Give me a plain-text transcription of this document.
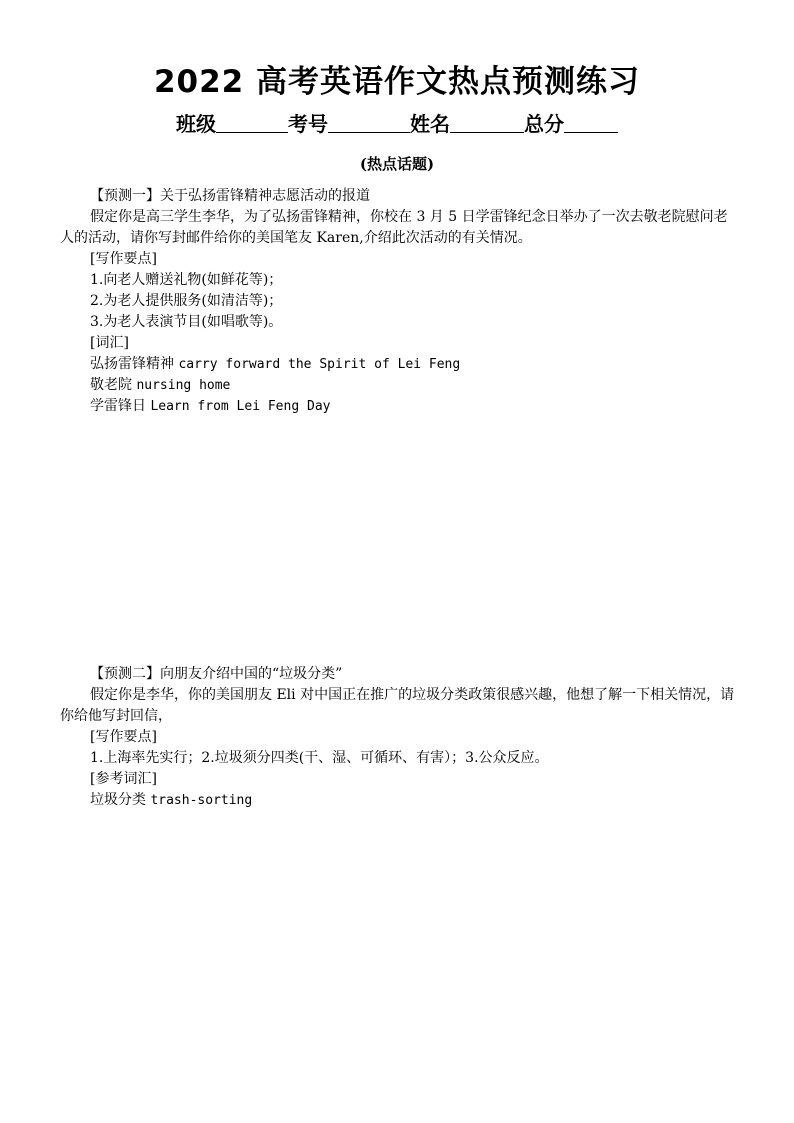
2022 高考英语作文热点预测练习
班级	考号	姓名	总分
(热点话题)
【预测一】关于弘扬雷锋精神志愿活动的报道
假定你是高三学生李华，为了弘扬雷锋精神，你校在 3 月 5 日学雷锋纪念日举办了一次去敬老院慰问老人的活动，请你写封邮件给你的美国笔友 Karen,介绍此次活动的有关情况。
[写作要点]
1.向老人赠送礼物(如鲜花等)；
2.为老人提供服务(如清洁等)；
3.为老人表演节目(如唱歌等)。
[词汇]
弘扬雷锋精神 carry forward the Spirit of Lei Feng
敬老院 nursing home
学雷锋日 Learn from Lei Feng Day
【预测二】向朋友介绍中国的“垃圾分类”
假定你是李华，你的美国朋友 Eli 对中国正在推广的垃圾分类政策很感兴趣，他想了解一下相关情况，请你给他写封回信，
[写作要点]
1.上海率先实行；2.垃圾须分四类(干、湿、可循环、有害）；3.公众反应。
[参考词汇]
垃圾分类 trash-sorting
